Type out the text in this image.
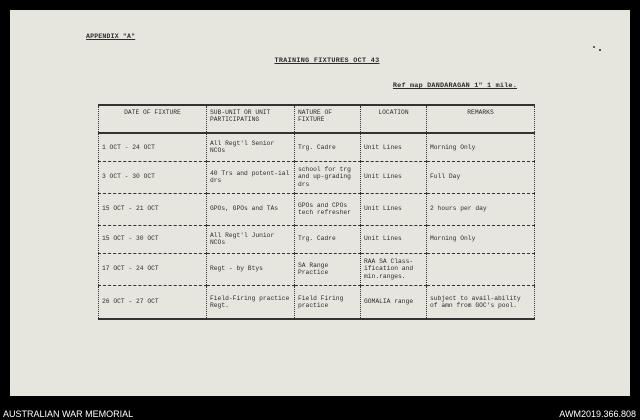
APPENDIX "A"
TRAINING FIXTURES OCT 43
Ref map DANDARAGAN 1" 1 mile.
DATE OF FIXTURE	SUB-UNIT OR UNIT PARTICIPATING	NATURE OF FIXTURE	LOCATION	REMARKS
1 OCT - 24 OCT	All Regt'l Senior NCOs	Trg. Cadre	Unit Lines	Morning Only
3 OCT - 30 OCT	40 Trs and potent-ial drs	school for trg and up-grading drs	Unit Lines	Full Day
15 OCT - 21 OCT	GPOs, GPOs and TAs	GPOs and CPOs tech refresher	Unit Lines	2 hours per day
15 OCT - 30 OCT	All Regt'l Junior NCOs	Trg. Cadre	Unit Lines	Morning Only
17 OCT - 24 OCT	Regt - by Btys	SA Range Practice	RAA SA Class-ification and min.ranges.	
26 OCT - 27 OCT	Field-Firing practice Regt.	Field Firing practice	GOMALIA range	subject to avail-ability of amn from GOC's pool.
AUSTRALIAN WAR MEMORIAL	AWM2019.366.808
